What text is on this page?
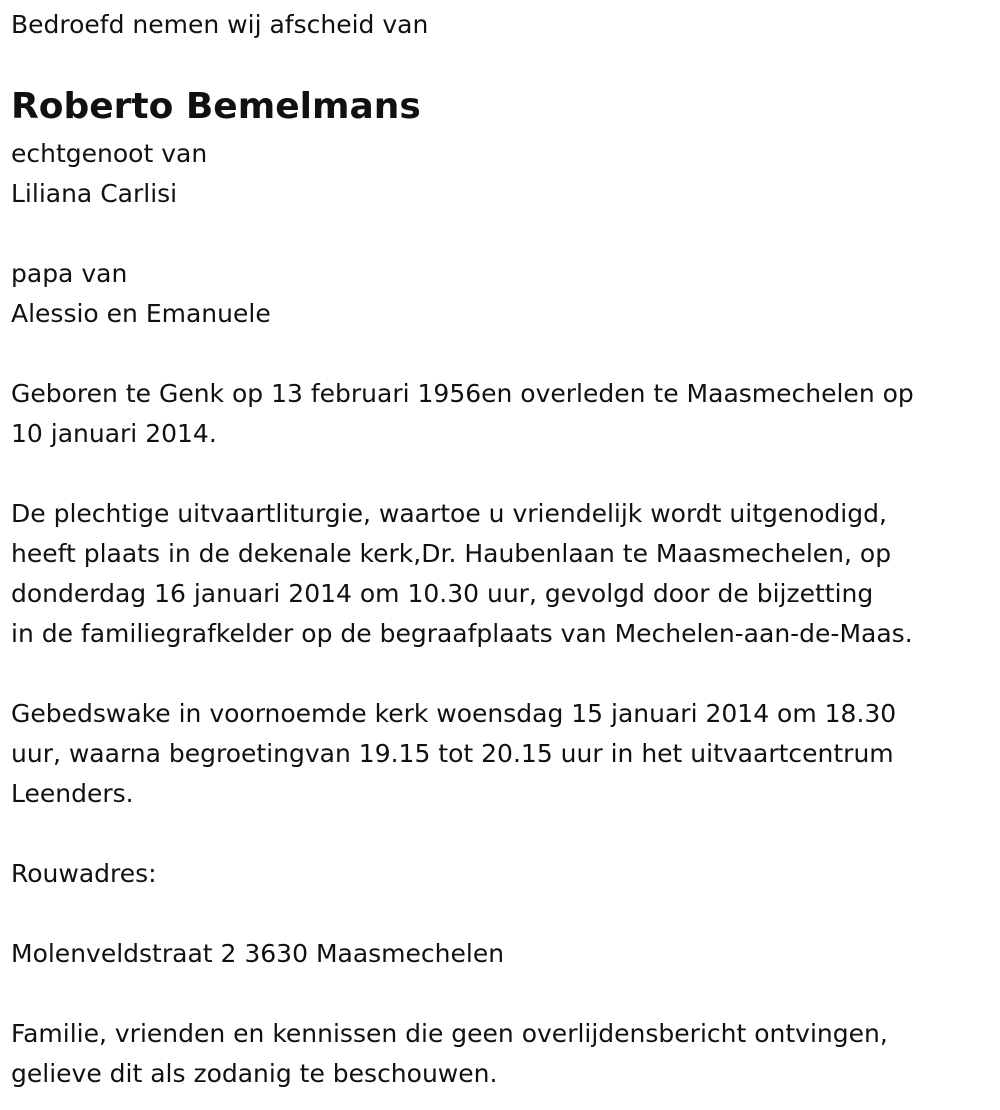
Bedroefd nemen wij afscheid van

Roberto Bemelmans

echtgenoot van

Liliana Carlisi

papa van

Alessio en Emanuele

Geboren te Genk op 13 februari 1956en overleden te Maasmechelen op

10 januari 2014.

De plechtige uitvaartliturgie, waartoe u vriendelijk wordt uitgenodigd,

heeft plaats in de dekenale kerk,Dr. Haubenlaan te Maasmechelen, op

donderdag 16 januari 2014 om 10.30 uur, gevolgd door de bijzetting

in de familiegrafkelder op de begraafplaats van Mechelen-aan-de-Maas.

Gebedswake in voornoemde kerk woensdag 15 januari 2014 om 18.30

uur, waarna begroetingvan 19.15 tot 20.15 uur in het uitvaartcentrum

Leenders.

Rouwadres:

Molenveldstraat 2 3630 Maasmechelen

Familie, vrienden en kennissen die geen overlijdensbericht ontvingen,

gelieve dit als zodanig te beschouwen.
